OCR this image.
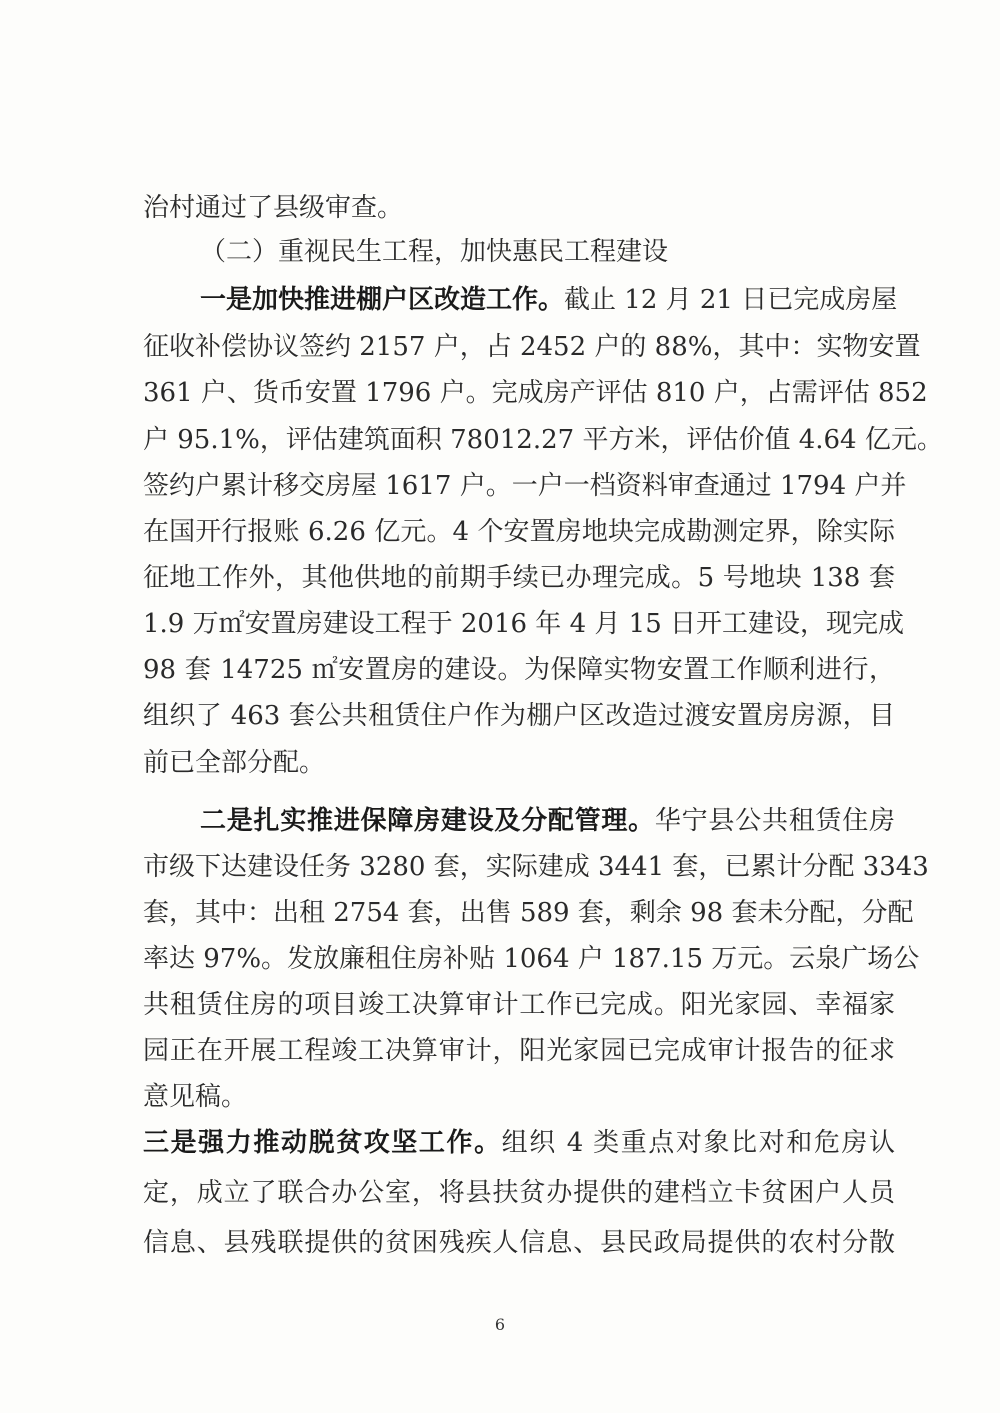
治村通过了县级审查。
（二）重视民生工程，加快惠民工程建设
一是加快推进棚户区改造工作。截止 12 月 21 日已完成房屋
征收补偿协议签约 2157 户，占 2452 户的 88%，其中：实物安置
361 户、货币安置 1796 户。完成房产评估 810 户，占需评估 852
户 95.1%，评估建筑面积 78012.27 平方米，评估价值 4.64 亿元。
签约户累计移交房屋 1617 户。一户一档资料审查通过 1794 户并
在国开行报账 6.26 亿元。4 个安置房地块完成勘测定界，除实际
征地工作外，其他供地的前期手续已办理完成。5 号地块 138 套
1.9 万㎡安置房建设工程于 2016 年 4 月 15 日开工建设，现完成
98 套 14725 ㎡安置房的建设。为保障实物安置工作顺利进行，
组织了 463 套公共租赁住户作为棚户区改造过渡安置房房源，目
前已全部分配。
二是扎实推进保障房建设及分配管理。华宁县公共租赁住房
市级下达建设任务 3280 套，实际建成 3441 套，已累计分配 3343
套，其中：出租 2754 套，出售 589 套，剩余 98 套未分配，分配
率达 97%。发放廉租住房补贴 1064 户 187.15 万元。云泉广场公
共租赁住房的项目竣工决算审计工作已完成。阳光家园、幸福家
园正在开展工程竣工决算审计，阳光家园已完成审计报告的征求
意见稿。
三是强力推动脱贫攻坚工作。组织 4 类重点对象比对和危房认
定，成立了联合办公室，将县扶贫办提供的建档立卡贫困户人员
信息、县残联提供的贫困残疾人信息、县民政局提供的农村分散
6
